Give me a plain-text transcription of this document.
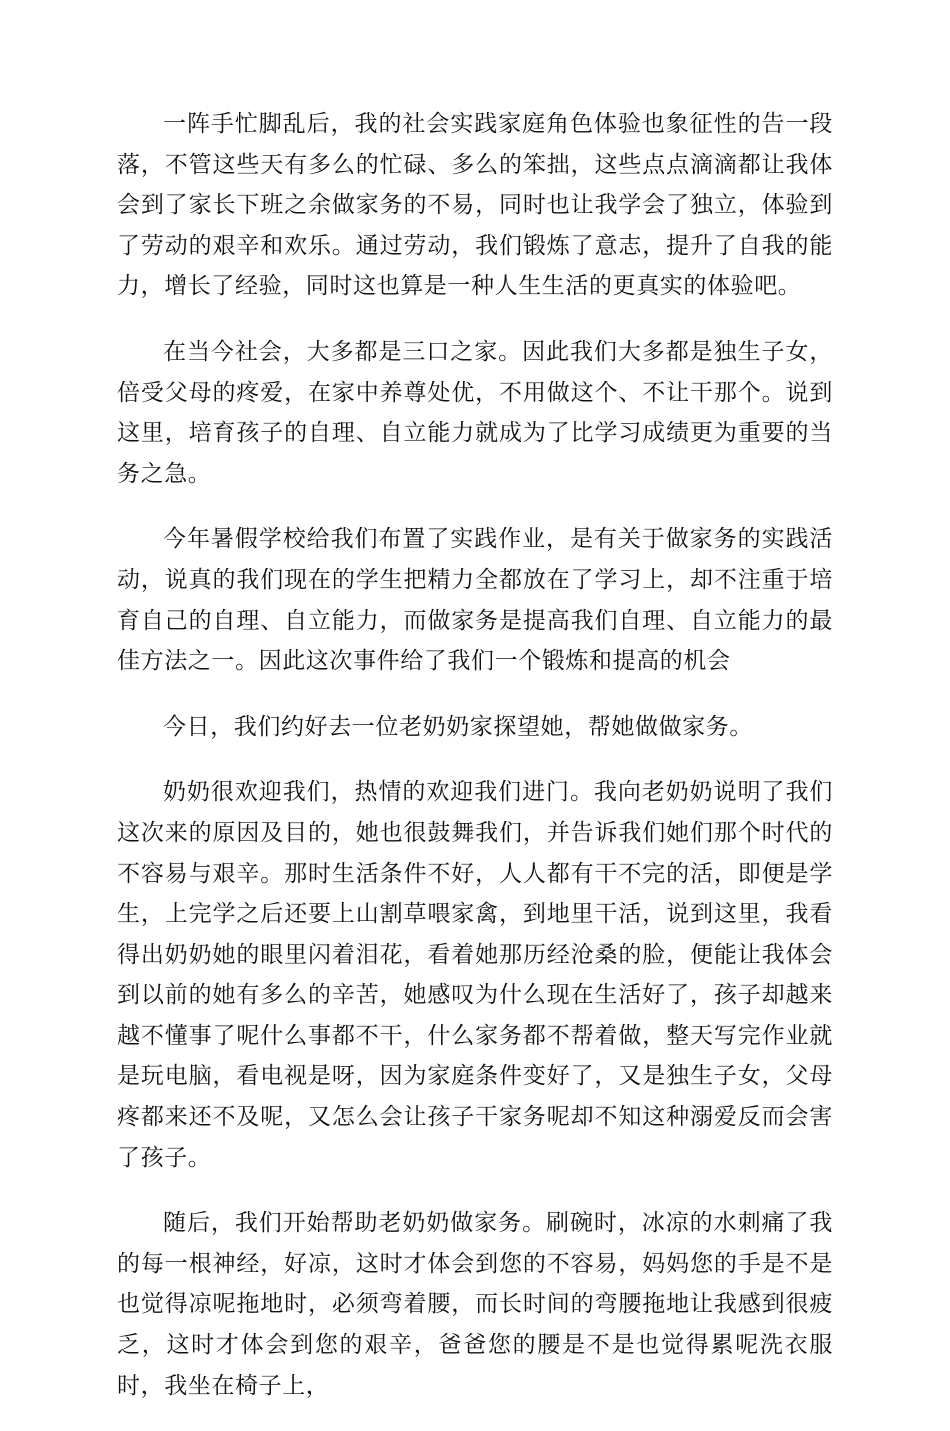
一阵手忙脚乱后，我的社会实践家庭角色体验也象征性的告一段落，不管这些天有多么的忙碌、多么的笨拙，这些点点滴滴都让我体会到了家长下班之余做家务的不易，同时也让我学会了独立，体验到了劳动的艰辛和欢乐。通过劳动，我们锻炼了意志，提升了自我的能力，增长了经验，同时这也算是一种人生生活的更真实的体验吧。

在当今社会，大多都是三口之家。因此我们大多都是独生子女，倍受父母的疼爱，在家中养尊处优，不用做这个、不让干那个。说到这里，培育孩子的自理、自立能力就成为了比学习成绩更为重要的当务之急。

今年暑假学校给我们布置了实践作业，是有关于做家务的实践活动，说真的我们现在的学生把精力全都放在了学习上，却不注重于培育自己的自理、自立能力，而做家务是提高我们自理、自立能力的最佳方法之一。因此这次事件给了我们一个锻炼和提高的机会

今日，我们约好去一位老奶奶家探望她，帮她做做家务。

奶奶很欢迎我们，热情的欢迎我们进门。我向老奶奶说明了我们这次来的原因及目的，她也很鼓舞我们，并告诉我们她们那个时代的不容易与艰辛。那时生活条件不好，人人都有干不完的活，即便是学生，上完学之后还要上山割草喂家禽，到地里干活，说到这里，我看得出奶奶她的眼里闪着泪花，看着她那历经沧桑的脸，便能让我体会到以前的她有多么的辛苦，她感叹为什么现在生活好了，孩子却越来越不懂事了呢什么事都不干，什么家务都不帮着做，整天写完作业就是玩电脑，看电视是呀，因为家庭条件变好了，又是独生子女，父母疼都来还不及呢，又怎么会让孩子干家务呢却不知这种溺爱反而会害了孩子。

随后，我们开始帮助老奶奶做家务。刷碗时，冰凉的水刺痛了我的每一根神经，好凉，这时才体会到您的不容易，妈妈您的手是不是也觉得凉呢拖地时，必须弯着腰，而长时间的弯腰拖地让我感到很疲乏，这时才体会到您的艰辛，爸爸您的腰是不是也觉得累呢洗衣服时，我坐在椅子上，
